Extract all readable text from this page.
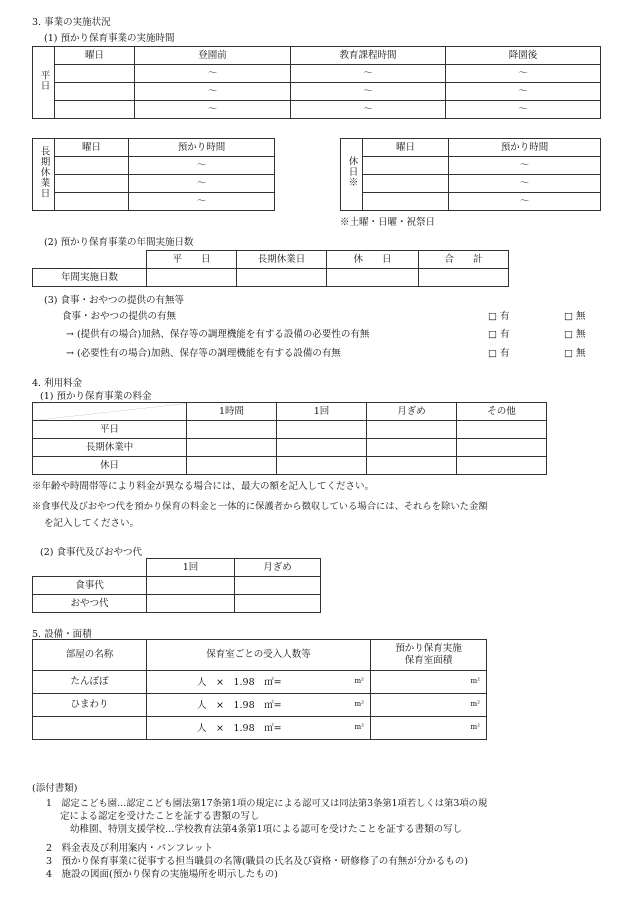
3. 事業の実施状況
(1) 預かり保育事業の実施時間
平日	曜日	登園前	教育課程時間	降園後
		～	～	～
		～	～	～
		～	～	～
長期休業日	曜日	預かり時間
		～
		～
		～
休日※	曜日	預かり時間
		～
		～
		～
※土曜・日曜・祝祭日
(2) 預かり保育事業の年間実施日数
	平　　日	長期休業日	休　　日	合　　計
年間実施日数				
(3) 食事・おやつの提供の有無等
食事・おやつの提供の有無	□ 有	□ 無
→ (提供有の場合)加熱、保存等の調理機能を有する設備の必要性の有無	□ 有	□ 無
→ (必要性有の場合)加熱、保存等の調理機能を有する設備の有無	□ 有	□ 無
4. 利用料金
(1) 預かり保育事業の料金
	1時間	1回	月ぎめ	その他
平日				
長期休業中				
休日				
※年齢や時間帯等により料金が異なる場合には、最大の額を記入してください。
※食事代及びおやつ代を預かり保育の料金と一体的に保護者から徴収している場合には、それらを除いた金額
を記入してください。
(2) 食事代及びおやつ代
	1回	月ぎめ
食事代		
おやつ代		
5. 設備・面積
部屋の名称	保育室ごとの受入人数等	預かり保育実施
保育室面積

たんぽぽ	人　×　1.98　㎡= m²	m²

ひまわり	人　×　1.98　㎡= m²	m²

	人　×　1.98　㎡= m²	m²
(添付書類)
1　認定こども園…認定こども園法第17条第1項の規定による認可又は同法第3条第1項若しくは第3項の規
定による認定を受けたことを証する書類の写し
幼稚園、特別支援学校…学校教育法第4条第1項による認可を受けたことを証する書類の写し
2　料金表及び利用案内・パンフレット
3　預かり保育事業に従事する担当職員の名簿(職員の氏名及び資格・研修修了の有無が分かるもの)
4　施設の図面(預かり保育の実施場所を明示したもの)
